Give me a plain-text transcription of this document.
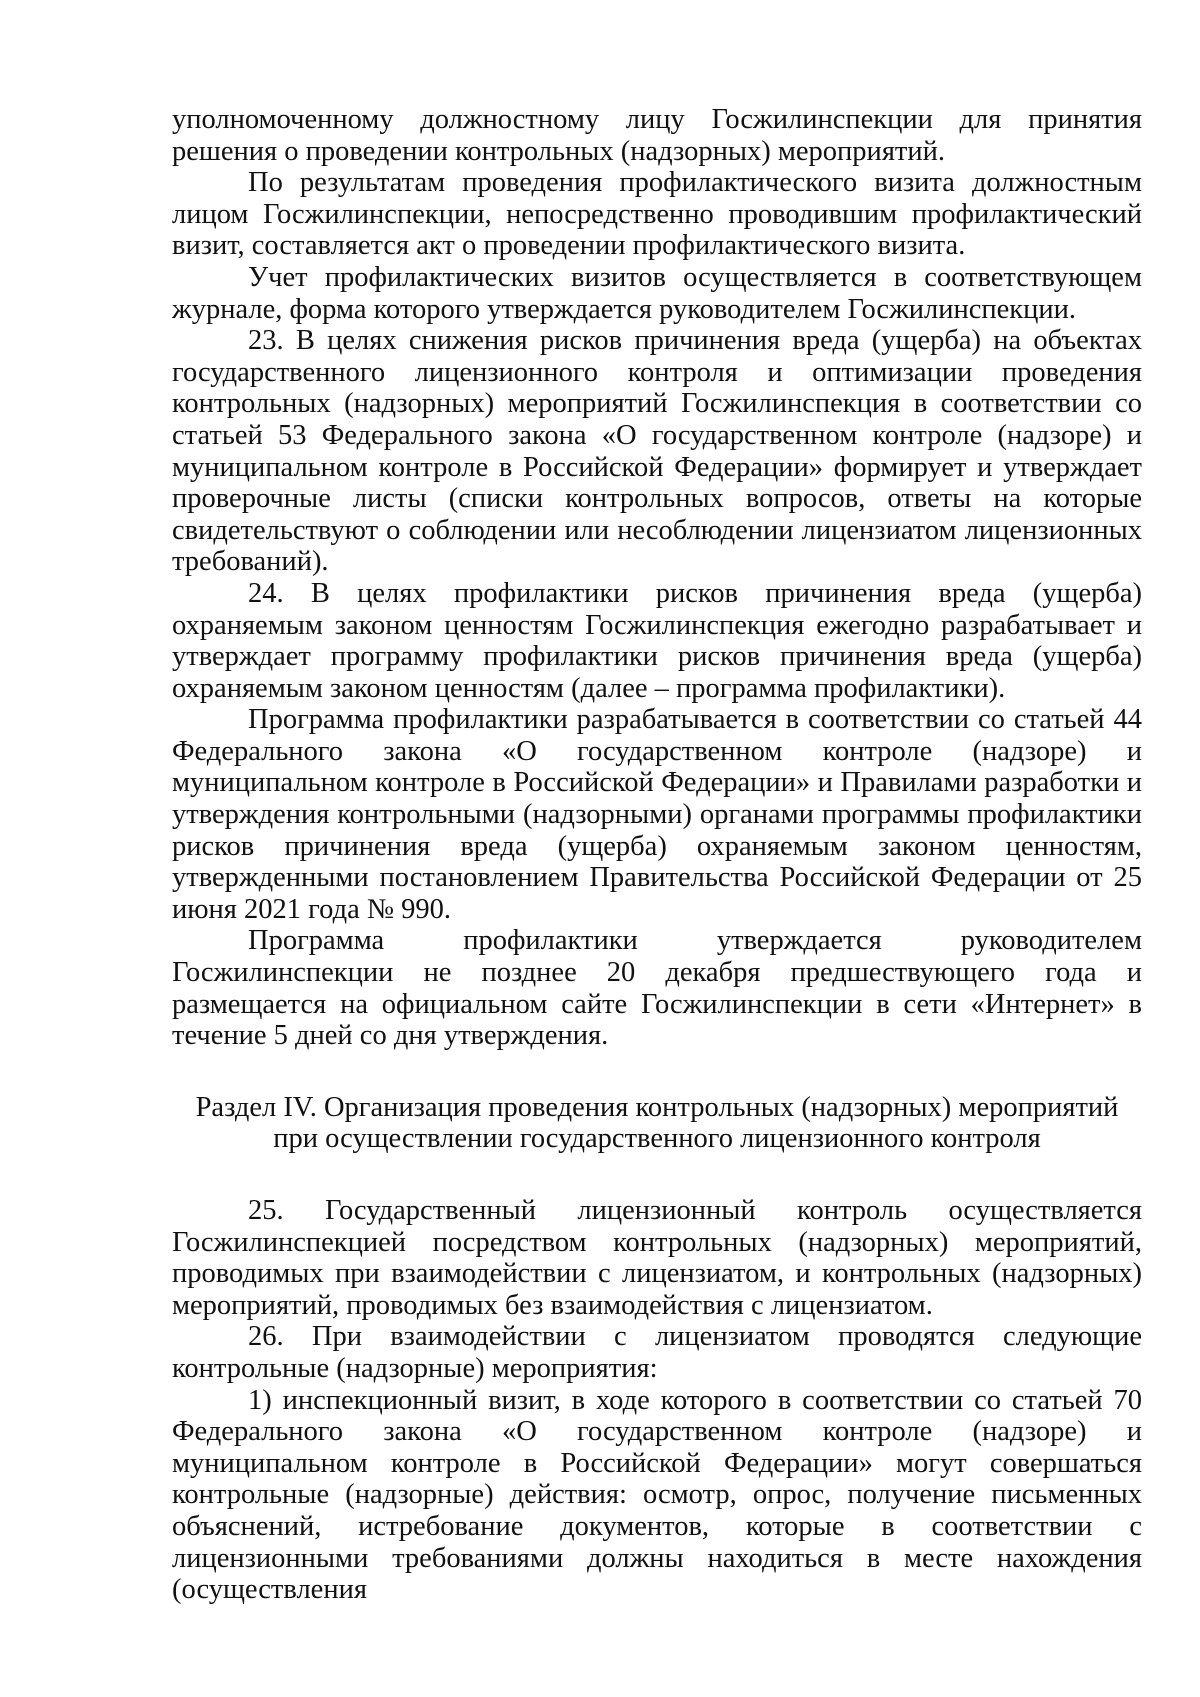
уполномоченному должностному лицу Госжилинспекции для принятия решения о проведении контрольных (надзорных) мероприятий.

По результатам проведения профилактического визита должностным лицом Госжилинспекции, непосредственно проводившим профилактический визит, составляется акт о проведении профилактического визита.

Учет профилактических визитов осуществляется в соответствующем журнале, форма которого утверждается руководителем Госжилинспекции.

23. В целях снижения рисков причинения вреда (ущерба) на объектах государственного лицензионного контроля и оптимизации проведения контрольных (надзорных) мероприятий Госжилинспекция в соответствии со статьей 53 Федерального закона «О государственном контроле (надзоре) и муниципальном контроле в Российской Федерации» формирует и утверждает проверочные листы (списки контрольных вопросов, ответы на которые свидетельствуют о соблюдении или несоблюдении лицензиатом лицензионных требований).

24. В целях профилактики рисков причинения вреда (ущерба) охраняемым законом ценностям Госжилинспекция ежегодно разрабатывает и утверждает программу профилактики рисков причинения вреда (ущерба) охраняемым законом ценностям (далее – программа профилактики).

Программа профилактики разрабатывается в соответствии со статьей 44 Федерального закона «О государственном контроле (надзоре) и муниципальном контроле в Российской Федерации» и Правилами разработки и утверждения контрольными (надзорными) органами программы профилактики рисков причинения вреда (ущерба) охраняемым законом ценностям, утвержденными постановлением Правительства Российской Федерации от 25 июня 2021 года № 990.

Программа профилактики утверждается руководителем Госжилинспекции не позднее 20 декабря предшествующего года и размещается на официальном сайте Госжилинспекции в сети «Интернет» в течение 5 дней со дня утверждения.

Раздел IV. Организация проведения контрольных (надзорных) мероприятий
при осуществлении государственного лицензионного контроля

25. Государственный лицензионный контроль осуществляется Госжилинспекцией посредством контрольных (надзорных) мероприятий, проводимых при взаимодействии с лицензиатом, и контрольных (надзорных) мероприятий, проводимых без взаимодействия с лицензиатом.

26. При взаимодействии с лицензиатом проводятся следующие контрольные (надзорные) мероприятия:

1) инспекционный визит, в ходе которого в соответствии со статьей 70 Федерального закона «О государственном контроле (надзоре) и муниципальном контроле в Российской Федерации» могут совершаться контрольные (надзорные) действия: осмотр, опрос, получение письменных объяснений, истребование документов, которые в соответствии с лицензионными требованиями должны находиться в месте нахождения (осуществления
